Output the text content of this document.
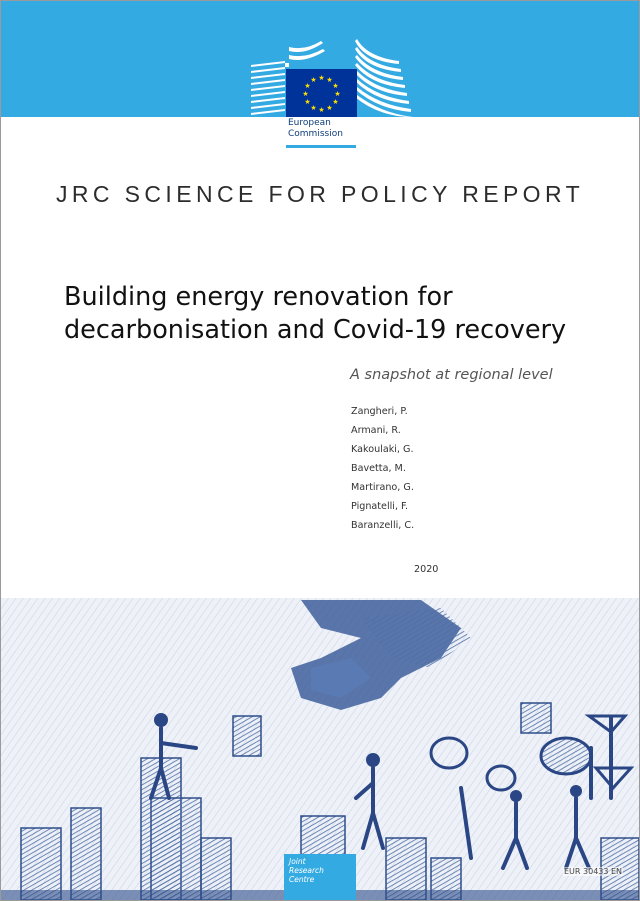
★ ★
★
★
★
★
★
★
★
★
★
★
European
Commission
JRC SCIENCE FOR POLICY REPORT
Building energy renovation for
decarbonisation and Covid-19 recovery
A snapshot at regional level
Zangheri, P.
Armani, R.
Kakoulaki, G.
Bavetta, M.
Martirano, G.
Pignatelli, F.
Baranzelli, C.
2020
Joint
Research
Centre
EUR 30433 EN
